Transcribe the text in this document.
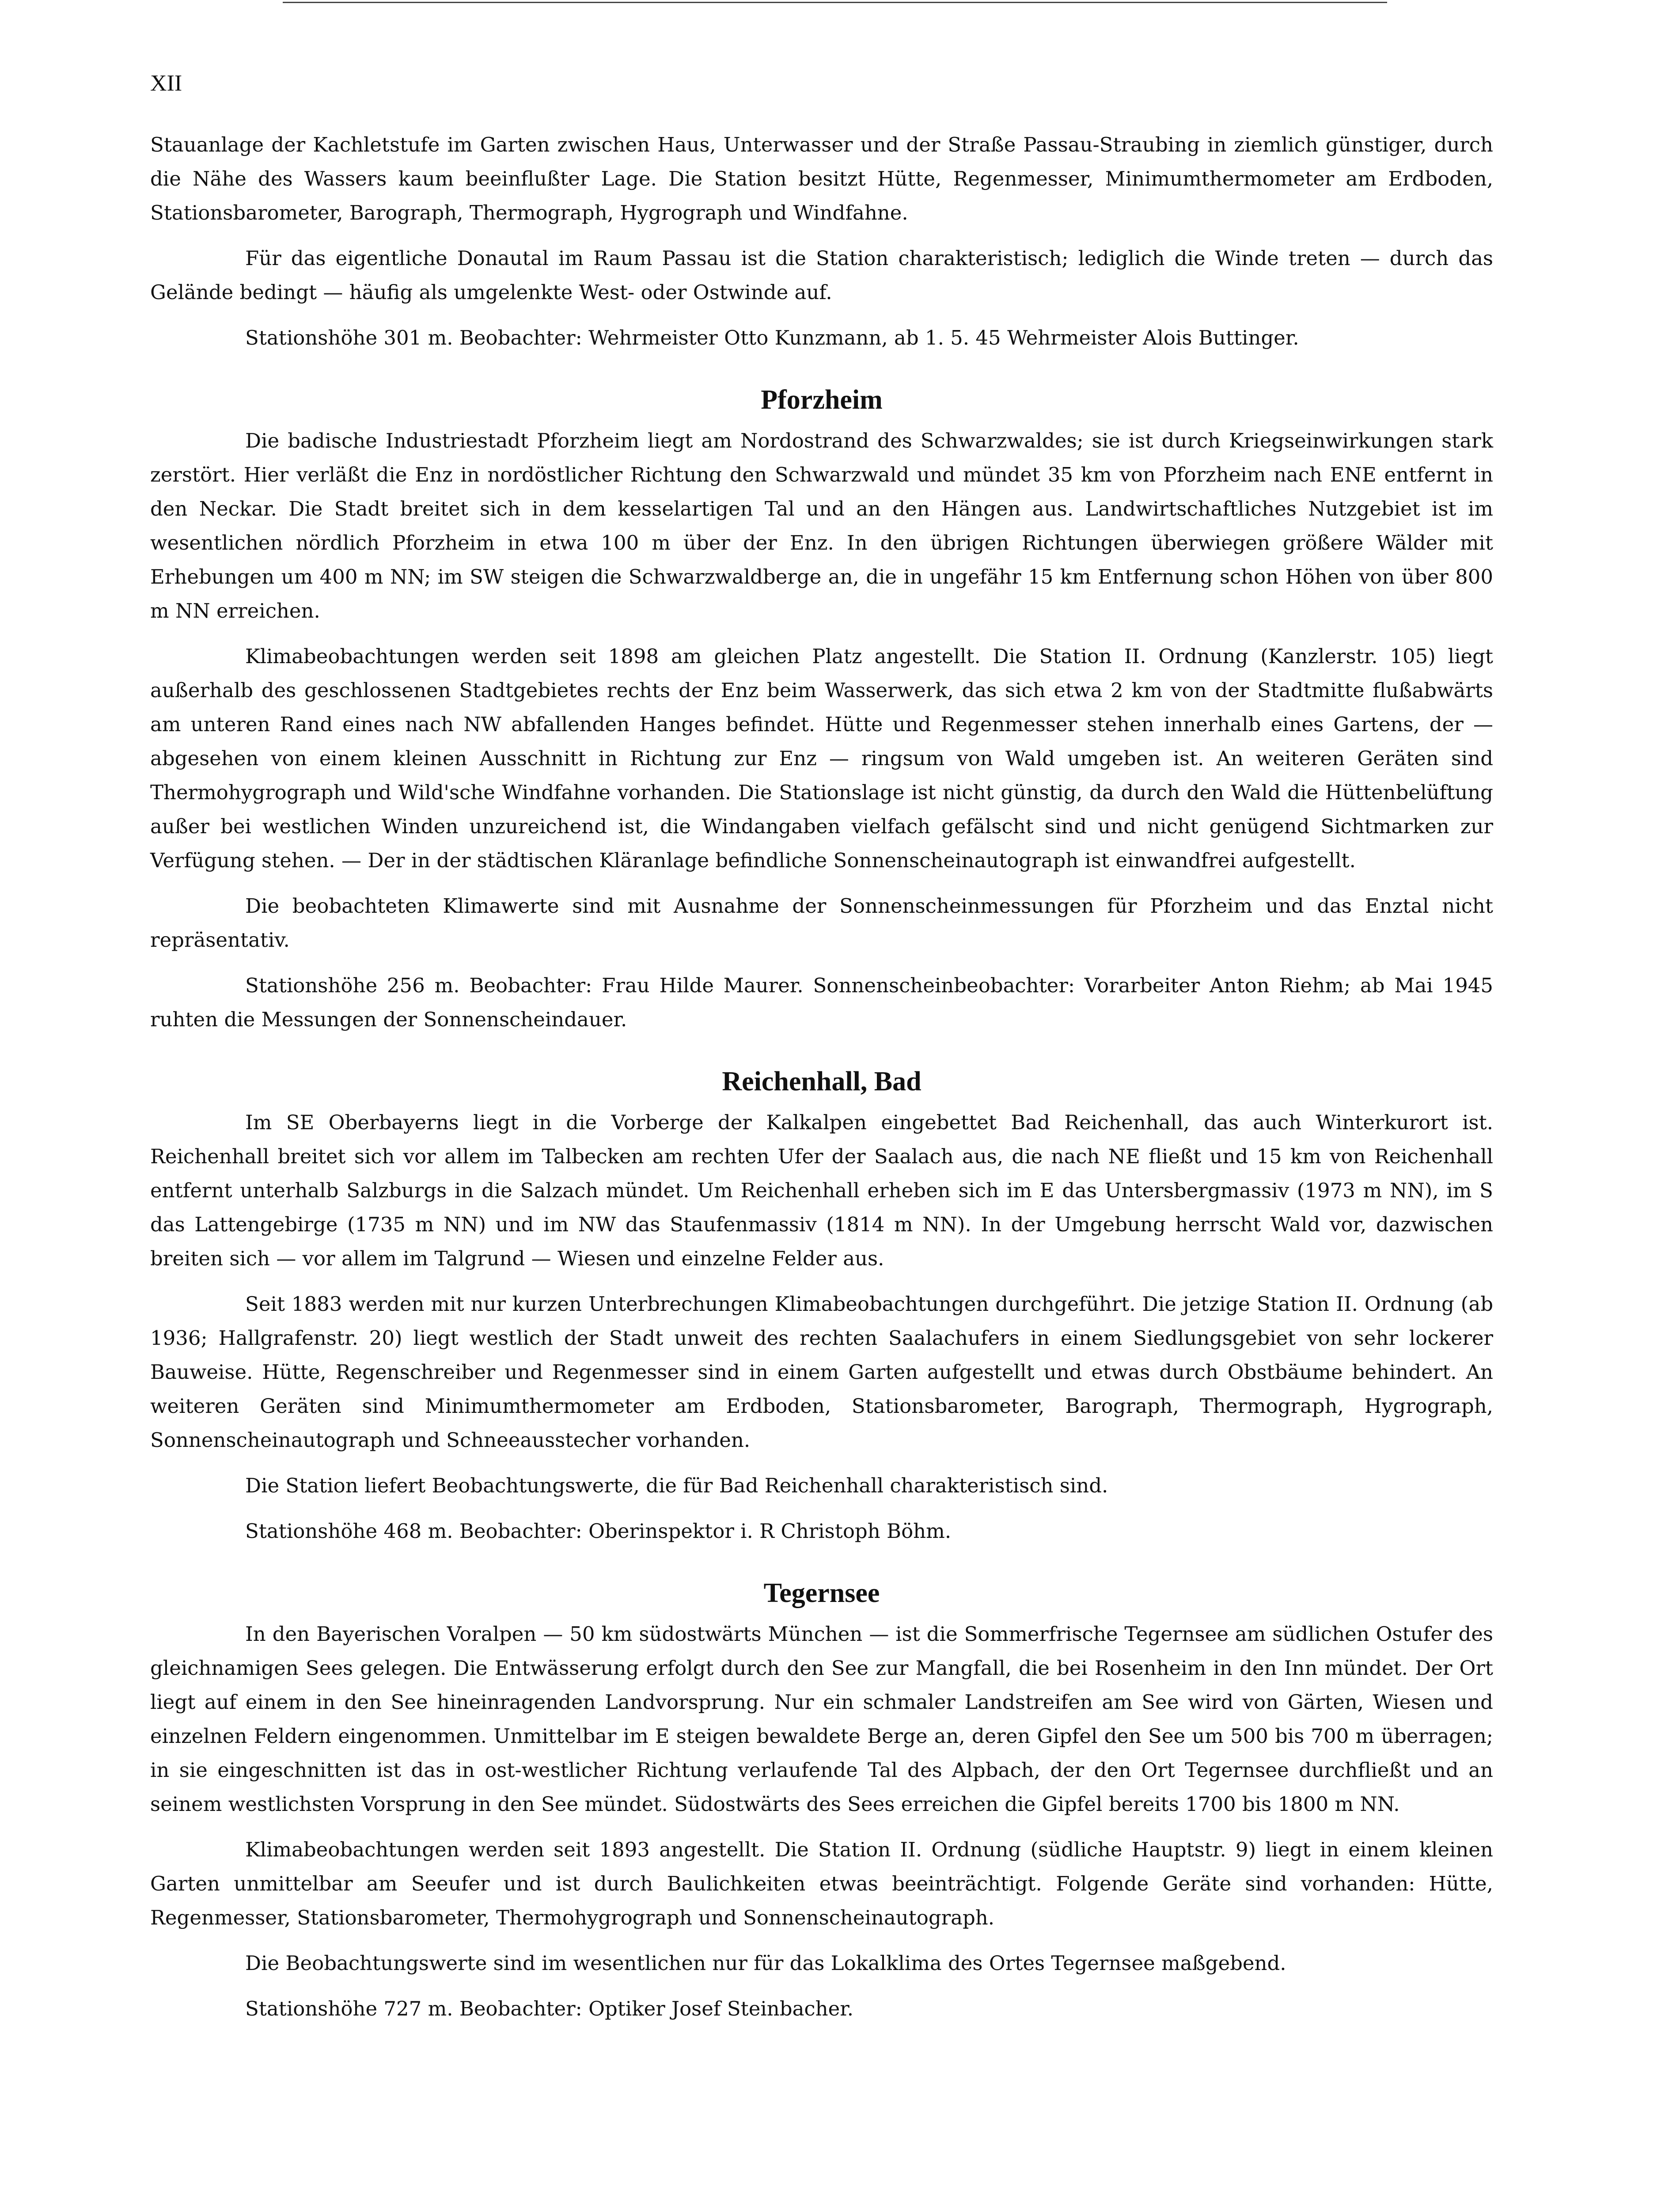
XII

Stauanlage der Kachletstufe im Garten zwischen Haus, Unterwasser und der Straße Passau-Straubing in ziemlich günstiger, durch die Nähe des Wassers kaum beeinflußter Lage. Die Station besitzt Hütte, Regenmesser, Minimumthermometer am Erdboden, Stationsbarometer, Barograph, Thermograph, Hygrograph und Windfahne.

Für das eigentliche Donautal im Raum Passau ist die Station charakteristisch; lediglich die Winde treten — durch das Gelände bedingt — häufig als umgelenkte West- oder Ostwinde auf.

Stationshöhe 301 m. Beobachter: Wehrmeister Otto Kunzmann, ab 1. 5. 45 Wehrmeister Alois Buttinger.

Pforzheim

Die badische Industriestadt Pforzheim liegt am Nordostrand des Schwarzwaldes; sie ist durch Kriegseinwirkungen stark zerstört. Hier verläßt die Enz in nordöstlicher Richtung den Schwarzwald und mündet 35 km von Pforzheim nach ENE entfernt in den Neckar. Die Stadt breitet sich in dem kesselartigen Tal und an den Hängen aus. Landwirtschaftliches Nutzgebiet ist im wesentlichen nördlich Pforzheim in etwa 100 m über der Enz. In den übrigen Richtungen überwiegen größere Wälder mit Erhebungen um 400 m NN; im SW steigen die Schwarzwaldberge an, die in ungefähr 15 km Entfernung schon Höhen von über 800 m NN erreichen.

Klimabeobachtungen werden seit 1898 am gleichen Platz angestellt. Die Station II. Ordnung (Kanzlerstr. 105) liegt außerhalb des geschlossenen Stadtgebietes rechts der Enz beim Wasserwerk, das sich etwa 2 km von der Stadtmitte flußabwärts am unteren Rand eines nach NW abfallenden Hanges befindet. Hütte und Regenmesser stehen innerhalb eines Gartens, der — abgesehen von einem kleinen Ausschnitt in Richtung zur Enz — ringsum von Wald umgeben ist. An weiteren Geräten sind Thermohygrograph und Wild'sche Windfahne vorhanden. Die Stationslage ist nicht günstig, da durch den Wald die Hüttenbelüftung außer bei westlichen Winden unzureichend ist, die Windangaben vielfach gefälscht sind und nicht genügend Sichtmarken zur Verfügung stehen. — Der in der städtischen Kläranlage befindliche Sonnenscheinautograph ist einwandfrei aufgestellt.

Die beobachteten Klimawerte sind mit Ausnahme der Sonnenscheinmessungen für Pforzheim und das Enztal nicht repräsentativ.

Stationshöhe 256 m. Beobachter: Frau Hilde Maurer. Sonnenscheinbeobachter: Vorarbeiter Anton Riehm; ab Mai 1945 ruhten die Messungen der Sonnenscheindauer.

Reichenhall, Bad

Im SE Oberbayerns liegt in die Vorberge der Kalkalpen eingebettet Bad Reichenhall, das auch Winterkurort ist. Reichenhall breitet sich vor allem im Talbecken am rechten Ufer der Saalach aus, die nach NE fließt und 15 km von Reichenhall entfernt unterhalb Salzburgs in die Salzach mündet. Um Reichenhall erheben sich im E das Untersbergmassiv (1973 m NN), im S das Lattengebirge (1735 m NN) und im NW das Staufenmassiv (1814 m NN). In der Umgebung herrscht Wald vor, dazwischen breiten sich — vor allem im Talgrund — Wiesen und einzelne Felder aus.

Seit 1883 werden mit nur kurzen Unterbrechungen Klimabeobachtungen durchgeführt. Die jetzige Station II. Ordnung (ab 1936; Hallgrafenstr. 20) liegt westlich der Stadt unweit des rechten Saalachufers in einem Siedlungsgebiet von sehr lockerer Bauweise. Hütte, Regenschreiber und Regenmesser sind in einem Garten aufgestellt und etwas durch Obstbäume behindert. An weiteren Geräten sind Minimumthermometer am Erdboden, Stationsbarometer, Barograph, Thermograph, Hygrograph, Sonnenscheinautograph und Schneeausstecher vorhanden.

Die Station liefert Beobachtungswerte, die für Bad Reichenhall charakteristisch sind.

Stationshöhe 468 m. Beobachter: Oberinspektor i. R Christoph Böhm.

Tegernsee

In den Bayerischen Voralpen — 50 km südostwärts München — ist die Sommerfrische Tegernsee am südlichen Ostufer des gleichnamigen Sees gelegen. Die Entwässerung erfolgt durch den See zur Mangfall, die bei Rosenheim in den Inn mündet. Der Ort liegt auf einem in den See hineinragenden Landvorsprung. Nur ein schmaler Landstreifen am See wird von Gärten, Wiesen und einzelnen Feldern eingenommen. Unmittelbar im E steigen bewaldete Berge an, deren Gipfel den See um 500 bis 700 m überragen; in sie eingeschnitten ist das in ost-westlicher Richtung verlaufende Tal des Alpbach, der den Ort Tegernsee durchfließt und an seinem westlichsten Vorsprung in den See mündet. Südostwärts des Sees erreichen die Gipfel bereits 1700 bis 1800 m NN.

Klimabeobachtungen werden seit 1893 angestellt. Die Station II. Ordnung (südliche Hauptstr. 9) liegt in einem kleinen Garten unmittelbar am Seeufer und ist durch Baulichkeiten etwas beeinträchtigt. Folgende Geräte sind vorhanden: Hütte, Regenmesser, Stationsbarometer, Thermohygrograph und Sonnenscheinautograph.

Die Beobachtungswerte sind im wesentlichen nur für das Lokalklima des Ortes Tegernsee maßgebend.

Stationshöhe 727 m. Beobachter: Optiker Josef Steinbacher.
